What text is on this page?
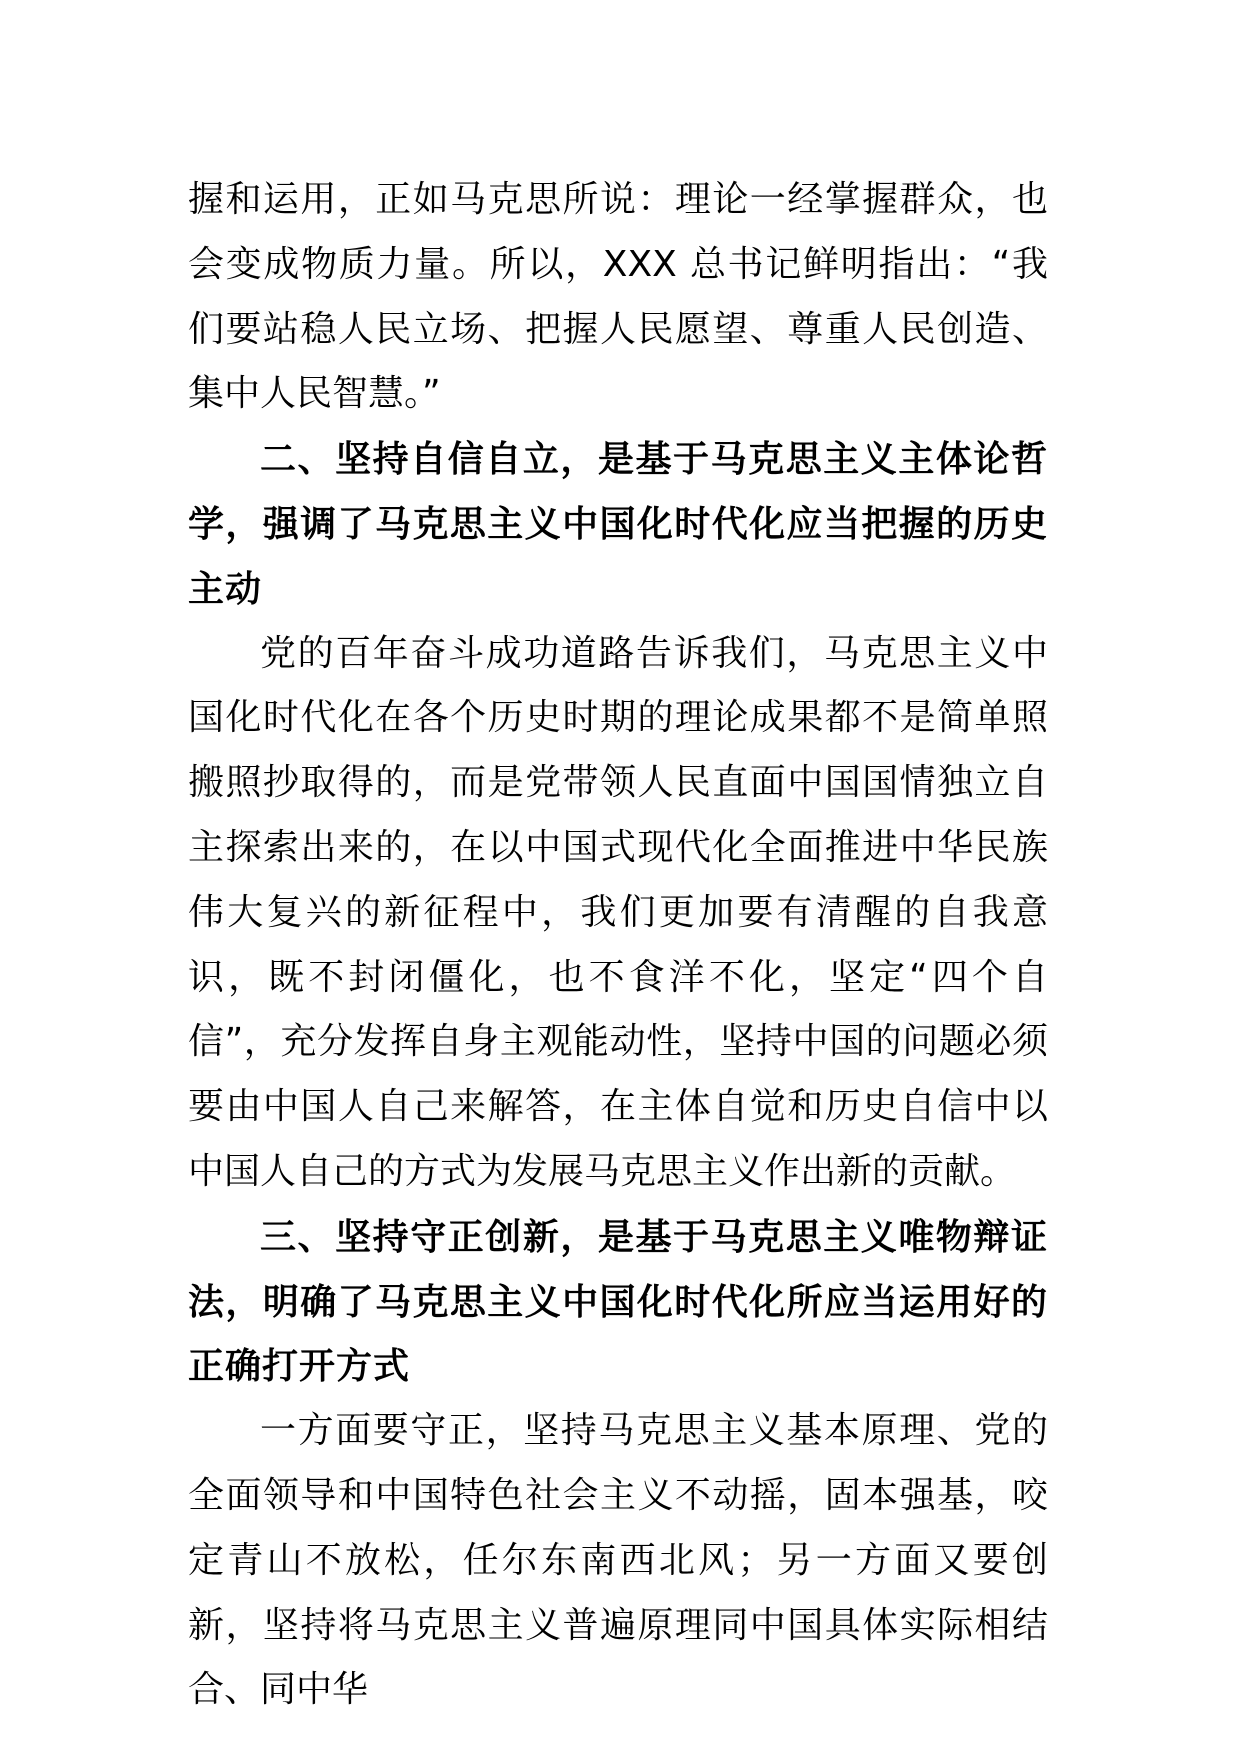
握和运用，正如马克思所说：理论一经掌握群众，也会变成物质力量。所以，XXX 总书记鲜明指出：“我们要站稳人民立场、把握人民愿望、尊重人民创造、集中人民智慧。”

二、坚持自信自立，是基于马克思主义主体论哲学，强调了马克思主义中国化时代化应当把握的历史主动

党的百年奋斗成功道路告诉我们，马克思主义中国化时代化在各个历史时期的理论成果都不是简单照搬照抄取得的，而是党带领人民直面中国国情独立自主探索出来的，在以中国式现代化全面推进中华民族伟大复兴的新征程中，我们更加要有清醒的自我意识，既不封闭僵化，也不食洋不化，坚定“四个自信”，充分发挥自身主观能动性，坚持中国的问题必须要由中国人自己来解答，在主体自觉和历史自信中以中国人自己的方式为发展马克思主义作出新的贡献。

三、坚持守正创新，是基于马克思主义唯物辩证法，明确了马克思主义中国化时代化所应当运用好的正确打开方式

一方面要守正，坚持马克思主义基本原理、党的全面领导和中国特色社会主义不动摇，固本强基，咬定青山不放松，任尔东南西北风；另一方面又要创新，坚持将马克思主义普遍原理同中国具体实际相结合、同中华
